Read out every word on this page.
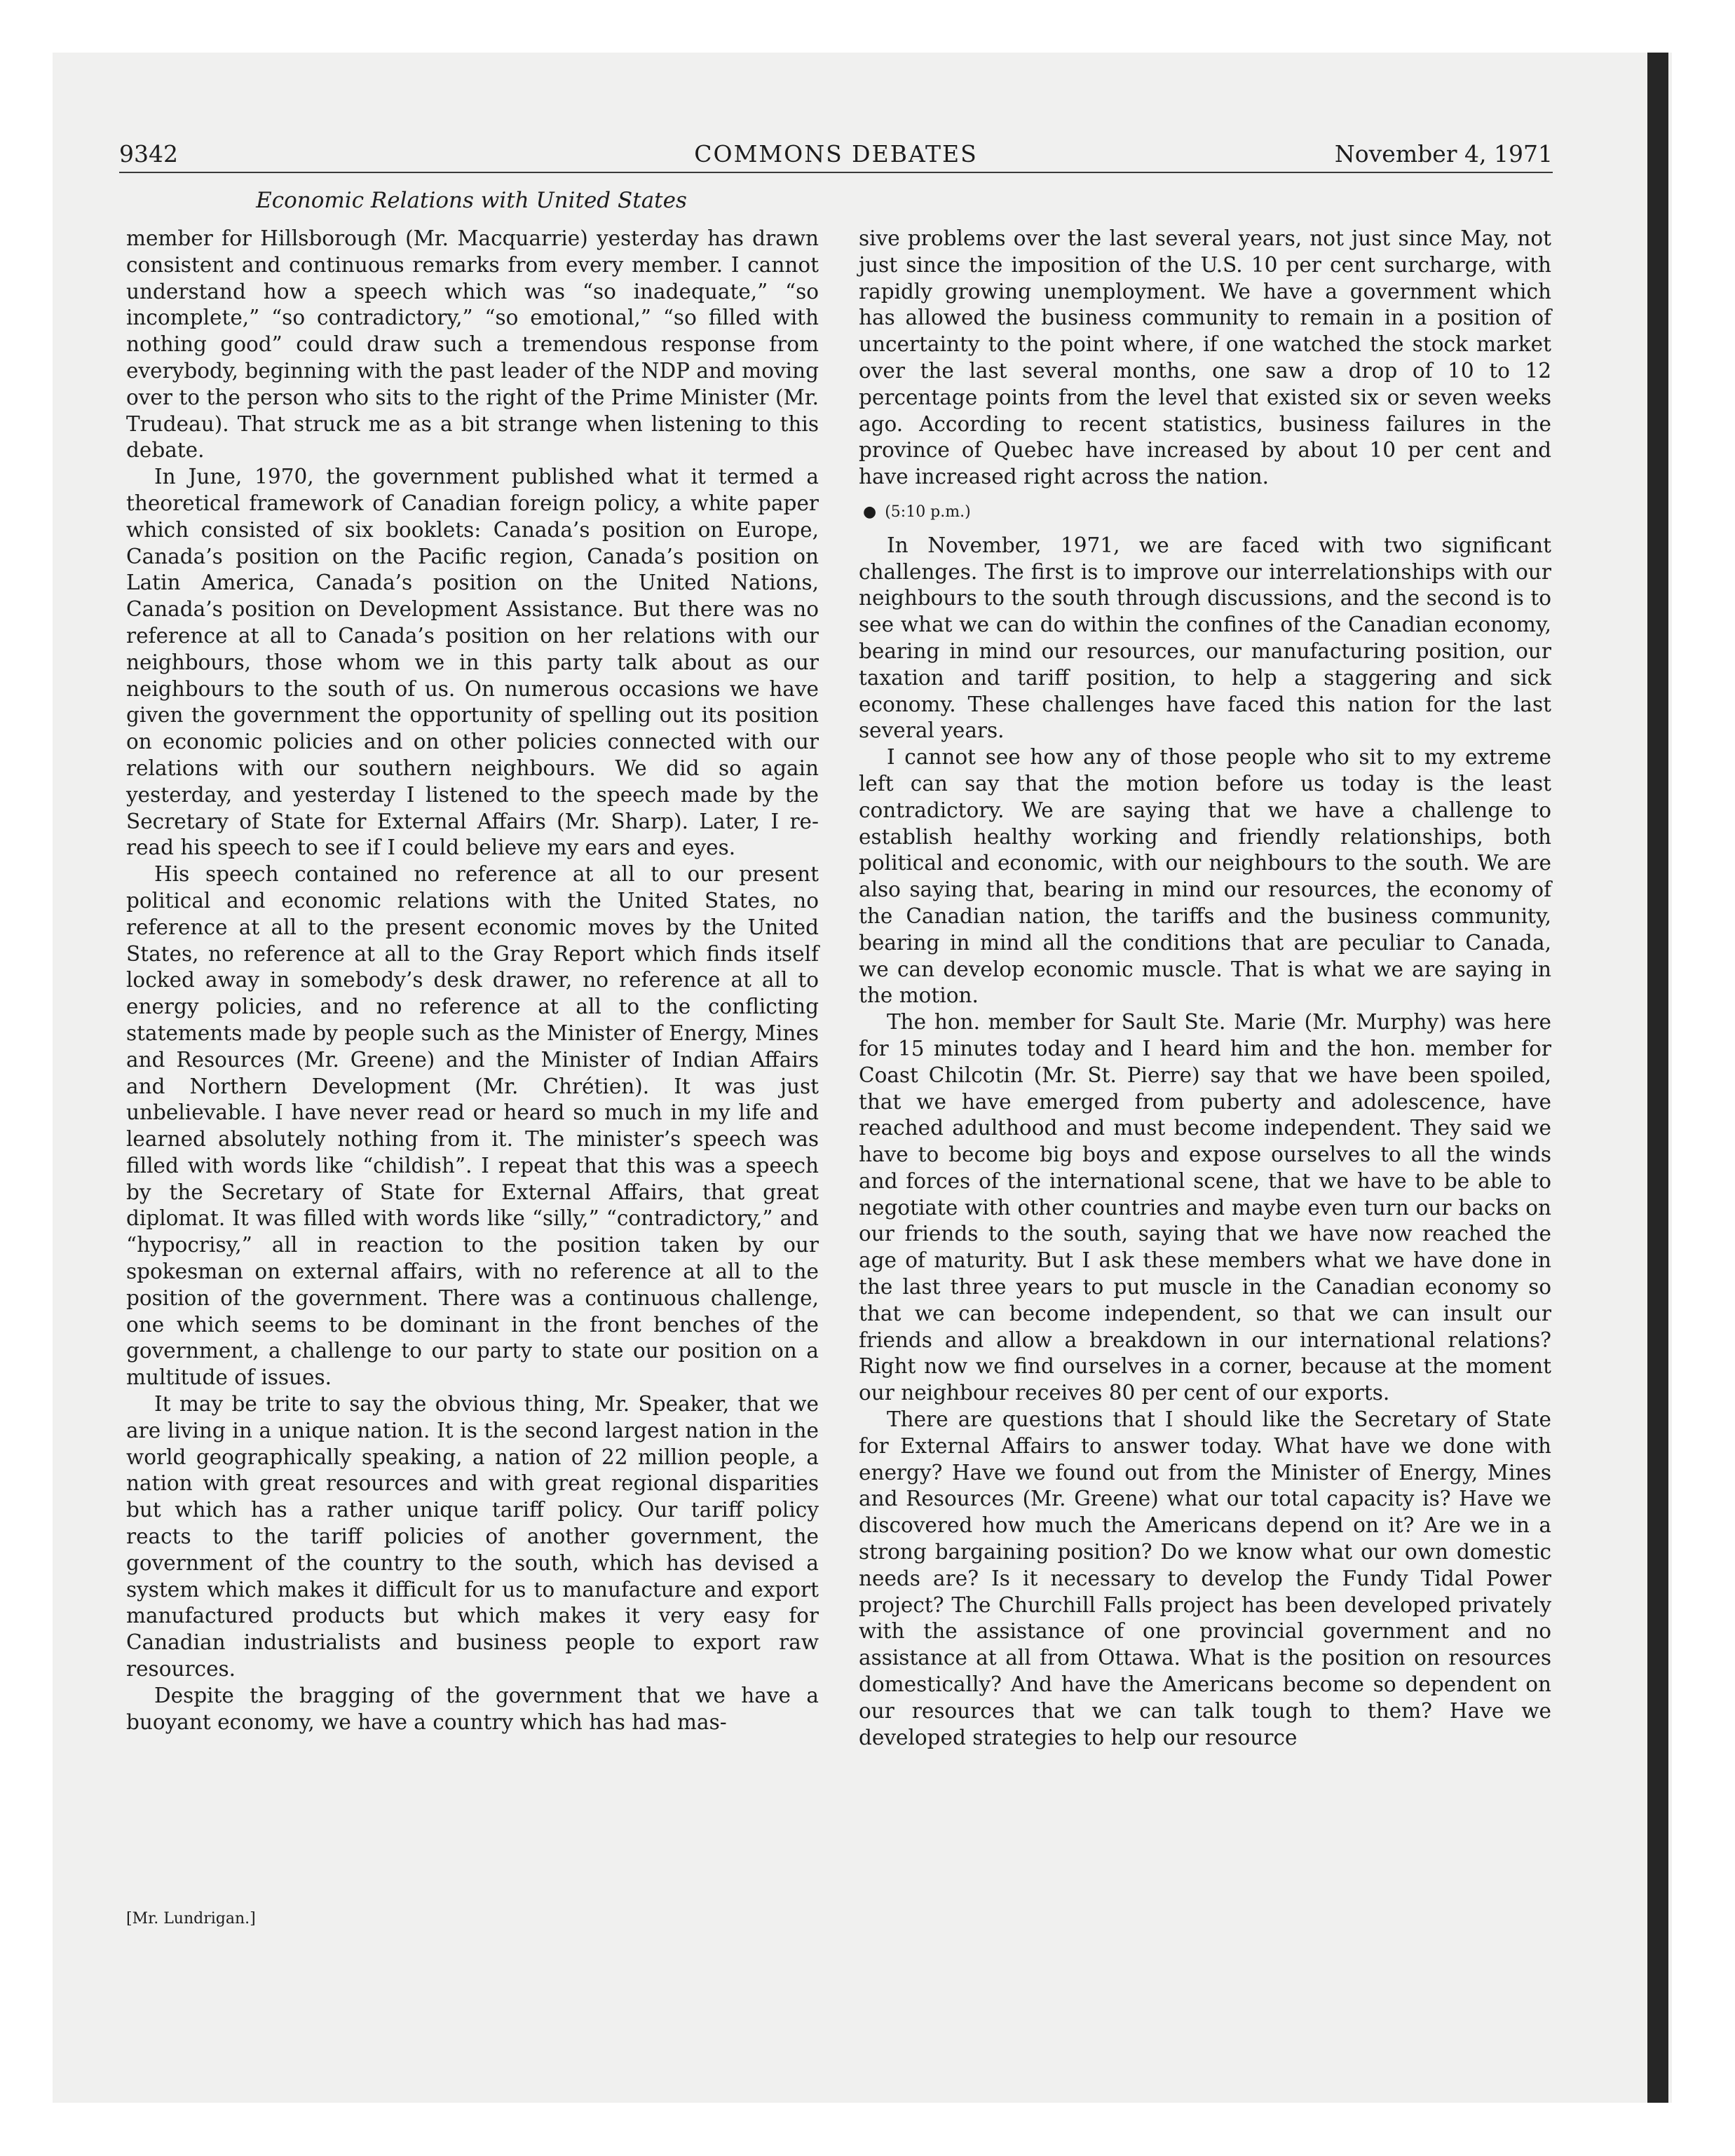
9342	COMMONS DEBATES	November 4, 1971
Economic Relations with United States

member for Hillsborough (Mr. Macquarrie) yesterday has drawn consistent and continuous remarks from every member. I cannot understand how a speech which was “so inadequate,” “so incomplete,” “so contradictory,” “so emotional,” “so filled with nothing good” could draw such a tremendous response from everybody, beginning with the past leader of the NDP and moving over to the person who sits to the right of the Prime Minister (Mr. Trudeau). That struck me as a bit strange when listening to this debate.

In June, 1970, the government published what it termed a theoretical framework of Canadian foreign policy, a white paper which consisted of six booklets: Canada’s position on Europe, Canada’s position on the Pacific region, Canada’s position on Latin America, Canada’s position on the United Nations, Canada’s position on Development Assistance. But there was no reference at all to Canada’s position on her relations with our neighbours, those whom we in this party talk about as our neighbours to the south of us. On numerous occasions we have given the government the opportunity of spelling out its position on economic policies and on other policies connected with our relations with our southern neighbours. We did so again yesterday, and yesterday I listened to the speech made by the Secretary of State for External Affairs (Mr. Sharp). Later, I re-read his speech to see if I could believe my ears and eyes.

His speech contained no reference at all to our present political and economic relations with the United States, no reference at all to the present economic moves by the United States, no reference at all to the Gray Report which finds itself locked away in somebody’s desk drawer, no reference at all to energy policies, and no reference at all to the conflicting statements made by people such as the Minister of Energy, Mines and Resources (Mr. Greene) and the Minister of Indian Affairs and Northern Development (Mr. Chrétien). It was just unbelievable. I have never read or heard so much in my life and learned absolutely nothing from it. The minister’s speech was filled with words like “childish”. I repeat that this was a speech by the Secretary of State for External Affairs, that great diplomat. It was filled with words like “silly,” “contradictory,” and “hypocrisy,” all in reaction to the position taken by our spokesman on external affairs, with no reference at all to the position of the government. There was a continuous challenge, one which seems to be dominant in the front benches of the government, a challenge to our party to state our position on a multitude of issues.

It may be trite to say the obvious thing, Mr. Speaker, that we are living in a unique nation. It is the second largest nation in the world geographically speaking, a nation of 22 million people, a nation with great resources and with great regional disparities but which has a rather unique tariff policy. Our tariff policy reacts to the tariff policies of another government, the government of the country to the south, which has devised a system which makes it difficult for us to manufacture and export manufactured products but which makes it very easy for Canadian industrialists and business people to export raw resources.

Despite the bragging of the government that we have a buoyant economy, we have a country which has had mas-

[Mr. Lundrigan.]

sive problems over the last several years, not just since May, not just since the imposition of the U.S. 10 per cent surcharge, with rapidly growing unemployment. We have a government which has allowed the business community to remain in a position of uncertainty to the point where, if one watched the stock market over the last several months, one saw a drop of 10 to 12 percentage points from the level that existed six or seven weeks ago. According to recent statistics, business failures in the province of Quebec have increased by about 10 per cent and have increased right across the nation.

● (5:10 p.m.)

In November, 1971, we are faced with two significant challenges. The first is to improve our interrelationships with our neighbours to the south through discussions, and the second is to see what we can do within the confines of the Canadian economy, bearing in mind our resources, our manufacturing position, our taxation and tariff position, to help a staggering and sick economy. These challenges have faced this nation for the last several years.

I cannot see how any of those people who sit to my extreme left can say that the motion before us today is the least contradictory. We are saying that we have a challenge to establish healthy working and friendly relationships, both political and economic, with our neighbours to the south. We are also saying that, bearing in mind our resources, the economy of the Canadian nation, the tariffs and the business community, bearing in mind all the conditions that are peculiar to Canada, we can develop economic muscle. That is what we are saying in the motion.

The hon. member for Sault Ste. Marie (Mr. Murphy) was here for 15 minutes today and I heard him and the hon. member for Coast Chilcotin (Mr. St. Pierre) say that we have been spoiled, that we have emerged from puberty and adolescence, have reached adulthood and must become independent. They said we have to become big boys and expose ourselves to all the winds and forces of the international scene, that we have to be able to negotiate with other countries and maybe even turn our backs on our friends to the south, saying that we have now reached the age of maturity. But I ask these members what we have done in the last three years to put muscle in the Canadian economy so that we can become independent, so that we can insult our friends and allow a breakdown in our international relations? Right now we find ourselves in a corner, because at the moment our neighbour receives 80 per cent of our exports.

There are questions that I should like the Secretary of State for External Affairs to answer today. What have we done with energy? Have we found out from the Minister of Energy, Mines and Resources (Mr. Greene) what our total capacity is? Have we discovered how much the Americans depend on it? Are we in a strong bargaining position? Do we know what our own domestic needs are? Is it necessary to develop the Fundy Tidal Power project? The Churchill Falls project has been developed privately with the assistance of one provincial government and no assistance at all from Ottawa. What is the position on resources domestically? And have the Americans become so dependent on our resources that we can talk tough to them? Have we developed strategies to help our resource
